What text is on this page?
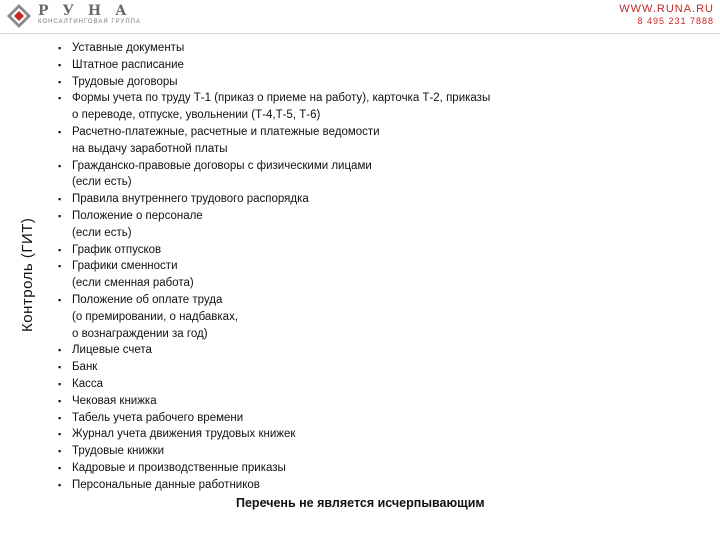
РУНА
КОНСАЛТИНГОВАЯ ГРУППА
WWW.RUNA.RU
8 495 231 7888
Контроль (ГИТ)
▪ Уставные документы
▪ Штатное расписание
▪ Трудовые договоры
▪ Формы учета по труду Т-1 (приказ о приеме на работу), карточка Т-2, приказы
о переводе, отпуске, увольнении (Т-4,Т-5, Т-6)
▪ Расчетно-платежные, расчетные и платежные ведомости
на выдачу заработной платы
▪ Гражданско-правовые договоры с физическими лицами
(если есть)
▪ Правила внутреннего трудового распорядка
▪ Положение о персонале
(если есть)
▪ График отпусков
▪ Графики сменности
(если сменная работа)
▪ Положение об оплате труда
(о премировании, о надбавках,
о вознаграждении за год)
▪ Лицевые счета
▪ Банк
▪ Касса
▪ Чековая книжка
▪ Табель учета рабочего времени
▪ Журнал учета движения трудовых книжек
▪ Трудовые книжки
▪ Кадровые и производственные приказы
▪ Персональные данные работников
Перечень не является исчерпывающим
